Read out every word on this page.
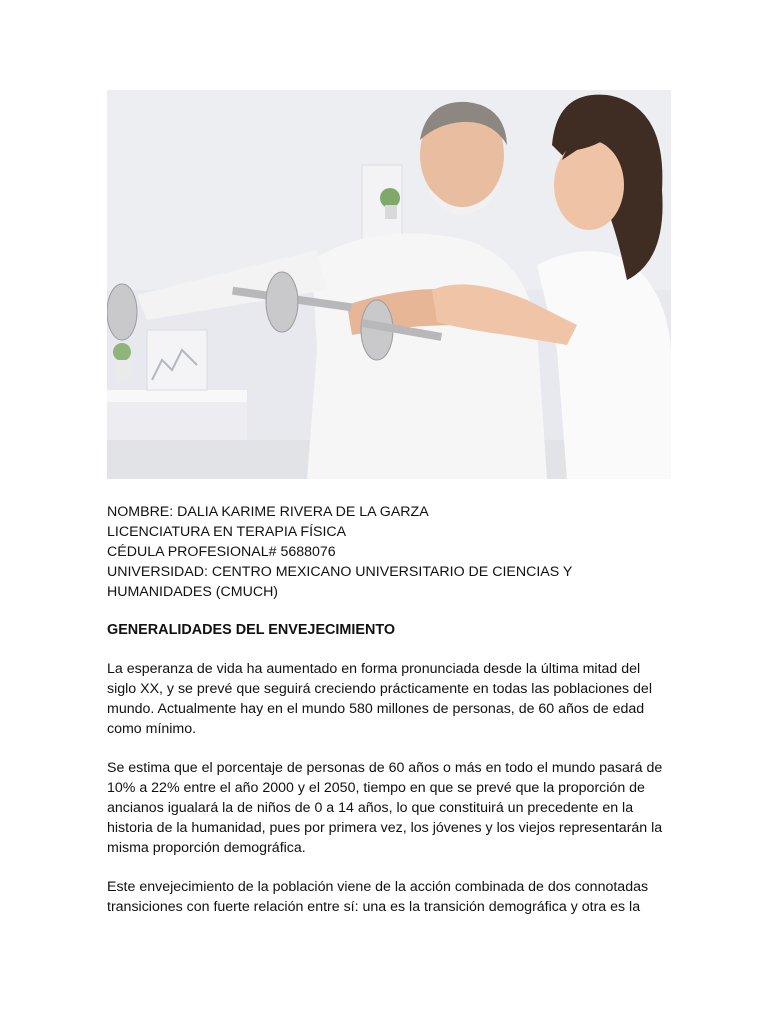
NOMBRE: DALIA KARIME RIVERA DE LA GARZA

LICENCIATURA EN TERAPIA FÍSICA

CÉDULA PROFESIONAL# 5688076

UNIVERSIDAD: CENTRO MEXICANO UNIVERSITARIO DE CIENCIAS Y HUMANIDADES (CMUCH)

GENERALIDADES DEL ENVEJECIMIENTO

La esperanza de vida ha aumentado en forma pronunciada desde la última mitad del siglo XX, y se prevé que seguirá creciendo prácticamente en todas las poblaciones del mundo. Actualmente hay en el mundo 580 millones de personas, de 60 años de edad como mínimo.

Se estima que el porcentaje de personas de 60 años o más en todo el mundo pasará de 10% a 22% entre el año 2000 y el 2050, tiempo en que se prevé que la proporción de ancianos igualará la de niños de 0 a 14 años, lo que constituirá un precedente en la historia de la humanidad, pues por primera vez, los jóvenes y los viejos representarán la misma proporción demográfica.

Este envejecimiento de la población viene de la acción combinada de dos connotadas transiciones con fuerte relación entre sí: una es la transición demográfica y otra es la
